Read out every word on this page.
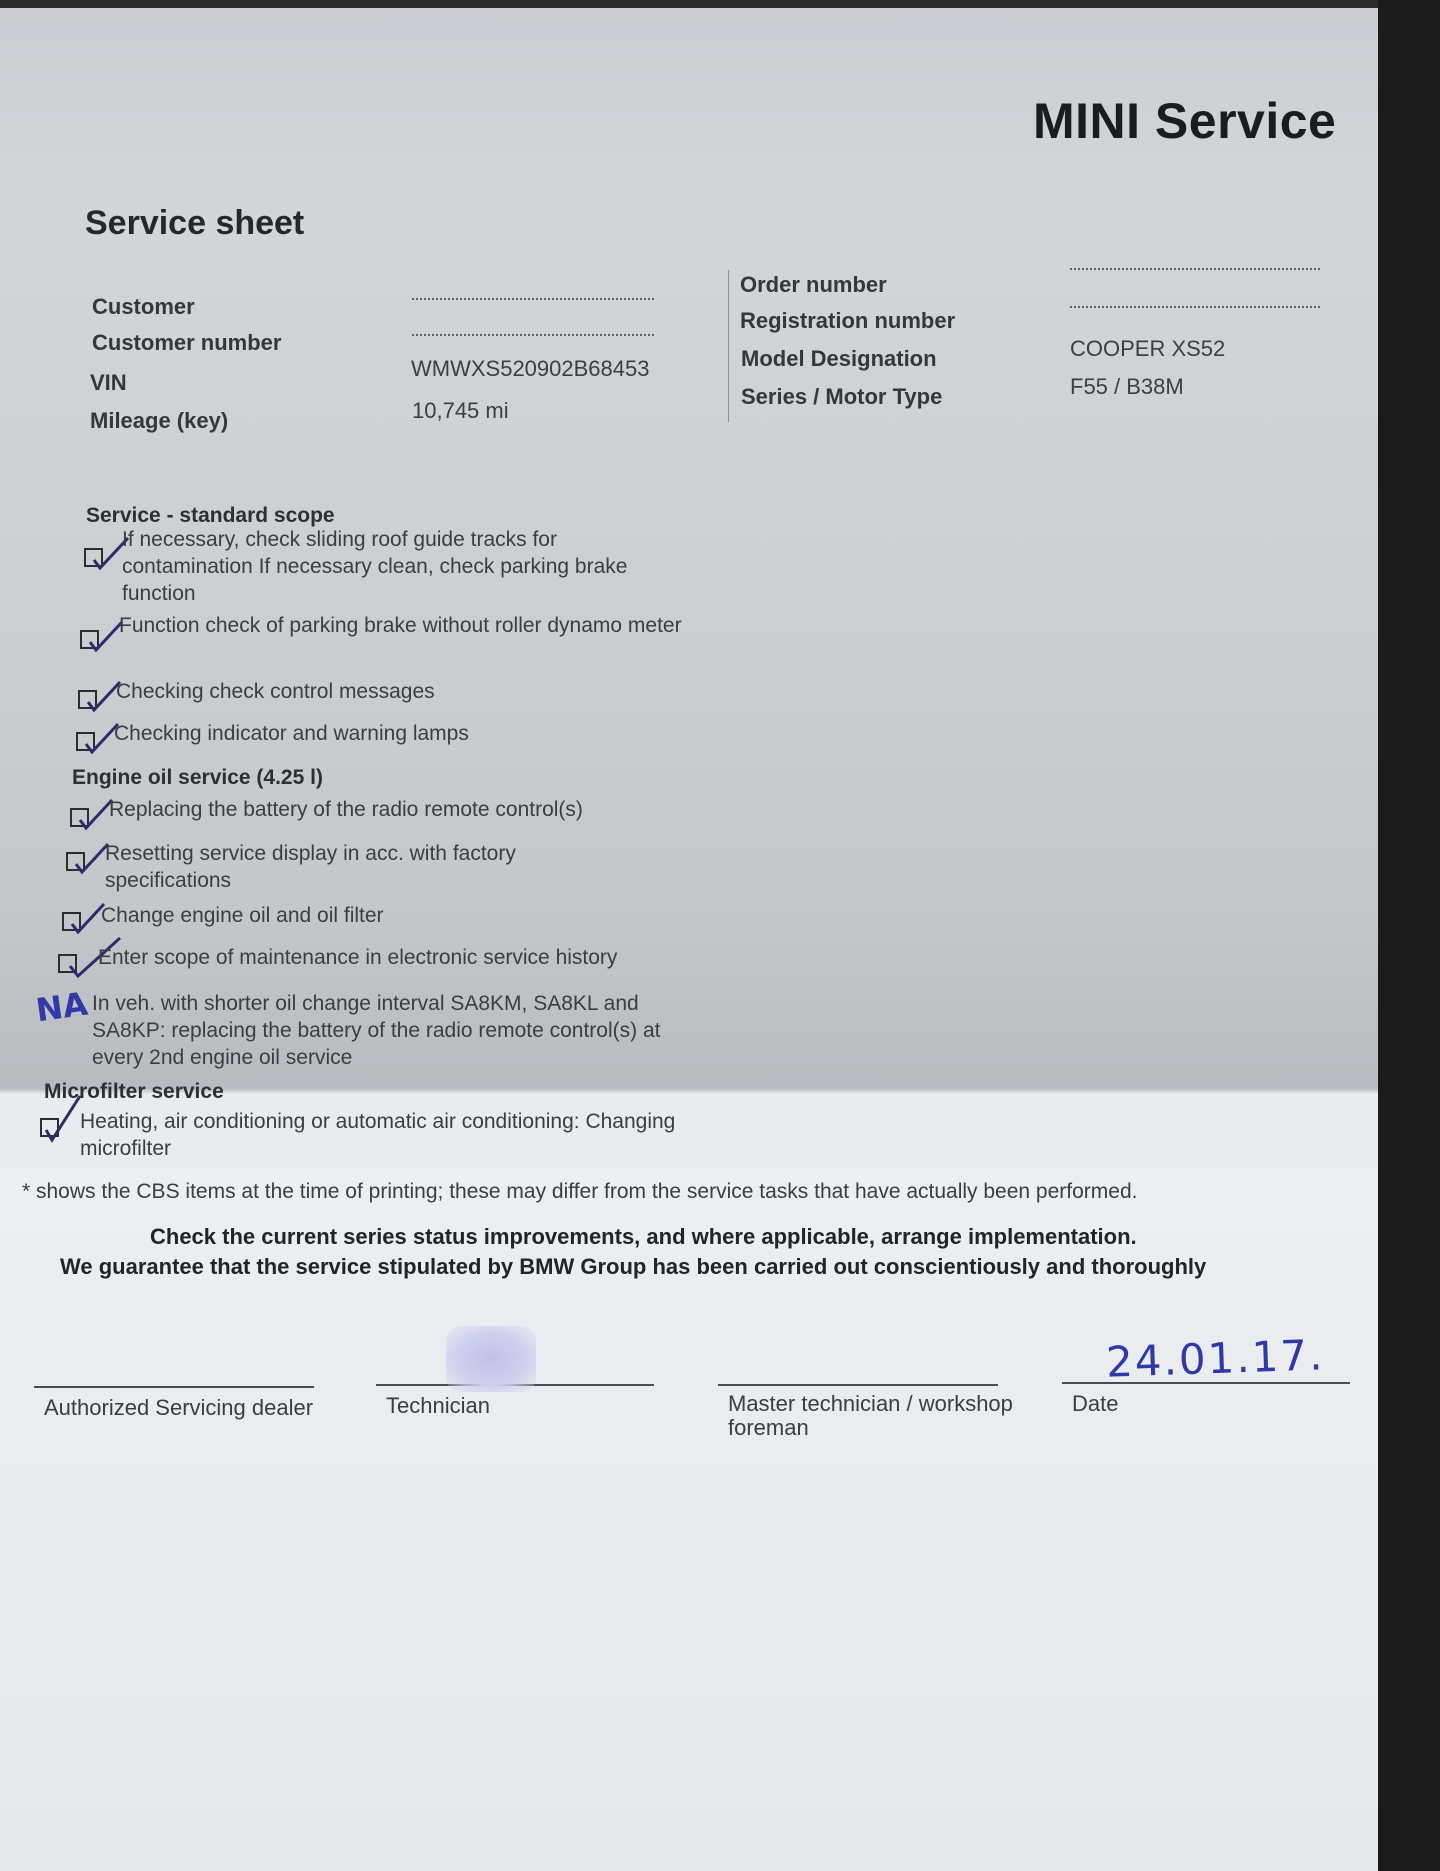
MINI Service
Service sheet
Customer
Customer number
VIN
WMWXS520902B68453
Mileage (key)	10,745 mi
Order number
Registration number
Model Designation	COOPER XS52
Series / Motor Type	F55 / B38M
Service - standard scope
If necessary, check sliding roof guide tracks for contamination If necessary clean, check parking brake function
Function check of parking brake without roller dynamo meter
Checking check control messages
Checking indicator and warning lamps
Engine oil service (4.25 l)
Replacing the battery of the radio remote control(s)
Resetting service display in acc. with factory specifications
Change engine oil and oil filter
Enter scope of maintenance in electronic service history
NA In veh. with shorter oil change interval SA8KM, SA8KL and SA8KP: replacing the battery of the radio remote control(s) at every 2nd engine oil service
Microfilter service
Heating, air conditioning or automatic air conditioning: Changing microfilter
* shows the CBS items at the time of printing; these may differ from the service tasks that have actually been performed.
Check the current series status improvements, and where applicable, arrange implementation.
We guarantee that the service stipulated by BMW Group has been carried out conscientiously and thoroughly
Authorized Servicing dealer	Technician	Master technician / workshop foreman
Date
24.01.17.
